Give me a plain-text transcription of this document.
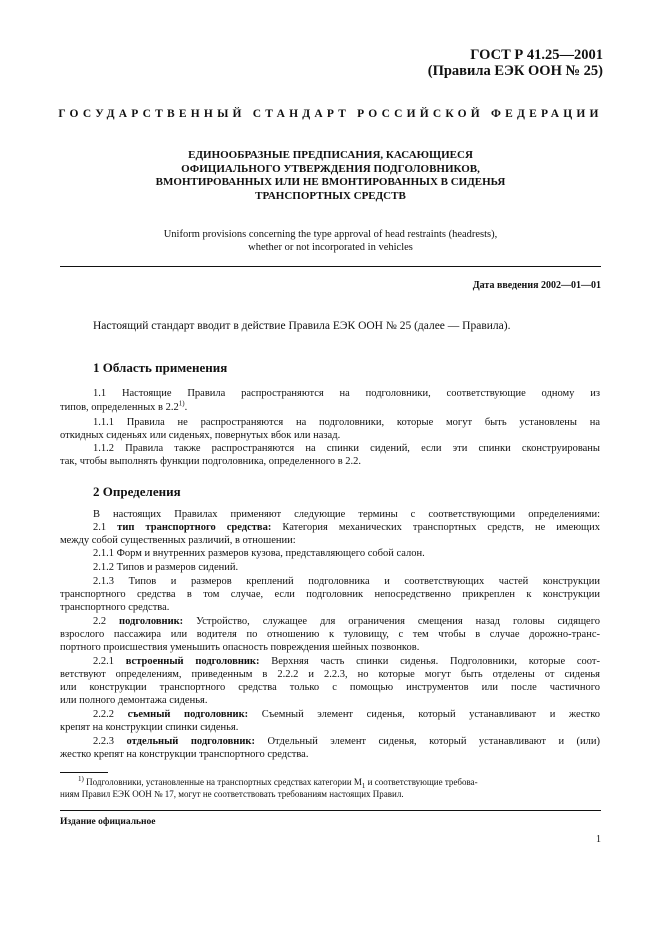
ГОСТ Р 41.25—2001
(Правила ЕЭК ООН № 25)
ГОСУДАРСТВЕННЫЙ СТАНДАРТ РОССИЙСКОЙ ФЕДЕРАЦИИ
ЕДИНООБРАЗНЫЕ ПРЕДПИСАНИЯ, КАСАЮЩИЕСЯ
ОФИЦИАЛЬНОГО УТВЕРЖДЕНИЯ ПОДГОЛОВНИКОВ,
ВМОНТИРОВАННЫХ ИЛИ НЕ ВМОНТИРОВАННЫХ В СИДЕНЬЯ
ТРАНСПОРТНЫХ СРЕДСТВ
Uniform provisions concerning the type approval of head restraints (headrests),
whether or not incorporated in vehicles
Дата введения 2002—01—01
Настоящий стандарт вводит в действие Правила ЕЭК ООН № 25 (далее — Правила).
1 Область применения
1.1 Настоящие Правила распространяются на подголовники, соответствующие одному из
типов, определенных в 2.2$^{1)}$.
1.1.1 Правила не распространяются на подголовники, которые могут быть установлены на
откидных сиденьях или сиденьях, повернутых вбок или назад.
1.1.2 Правила также распространяются на спинки сидений, если эти спинки сконструированы
так, чтобы выполнять функции подголовника, определенного в 2.2.
2 Определения
В настоящих Правилах применяют следующие термины с соответствующими определениями:
2.1 тип транспортного средства: Категория механических транспортных средств, не имеющих
между собой существенных различий, в отношении:
2.1.1 Форм и внутренних размеров кузова, представляющего собой салон.
2.1.2 Типов и размеров сидений.
2.1.3 Типов и размеров креплений подголовника и соответствующих частей конструкции
транспортного средства в том случае, если подголовник непосредственно прикреплен к конструкции
транспортного средства.
2.2 подголовник: Устройство, служащее для ограничения смещения назад головы сидящего
взрослого пассажира или водителя по отношению к туловищу, с тем чтобы в случае дорожно-транс-
портного происшествия уменьшить опасность повреждения шейных позвонков.
2.2.1 встроенный подголовник: Верхняя часть спинки сиденья. Подголовники, которые соот-
ветствуют определениям, приведенным в 2.2.2 и 2.2.3, но которые могут быть отделены от сиденья
или конструкции транспортного средства только с помощью инструментов или после частичного
или полного демонтажа сиденья.
2.2.2 съемный подголовник: Съемный элемент сиденья, который устанавливают и жестко
крепят на конструкции спинки сиденья.
2.2.3 отдельный подголовник: Отдельный элемент сиденья, который устанавливают и (или)
жестко крепят на конструкции транспортного средства.
$^{1)}$ Подголовники, установленные на транспортных средствах категории $М_1$ и соответствующие требова-
ниям Правил ЕЭК ООН № 17, могут не соответствовать требованиям настоящих Правил.
Издание официальное
1
